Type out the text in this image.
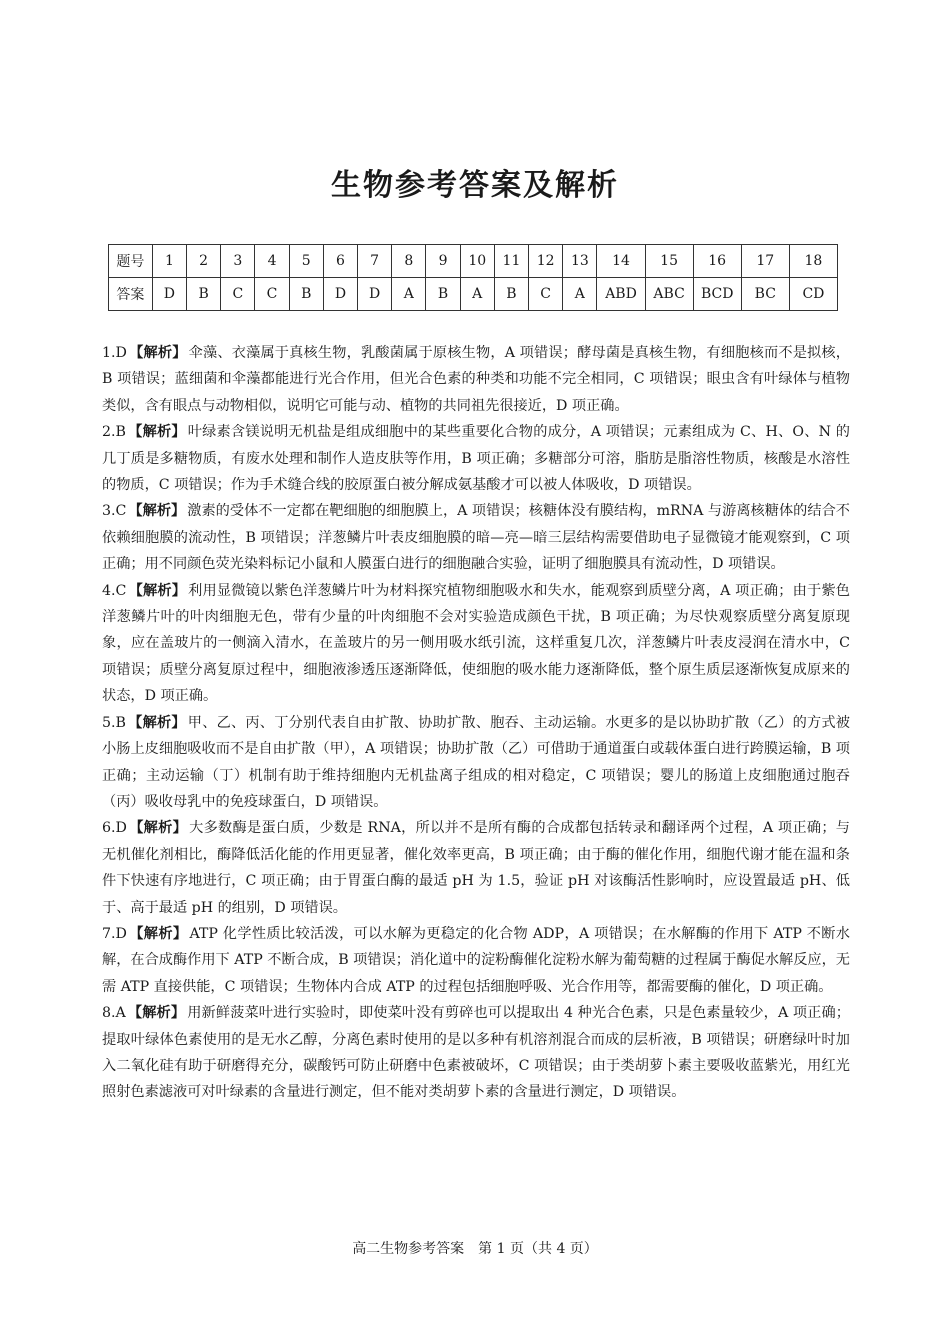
生物参考答案及解析
题号	1	2	3	4	5	6	7	8	9	10	11	12	13	14	15	16	17	18
答案	D	B	C	C	B	D	D	A	B	A	B	C	A	ABD	ABC	BCD	BC	CD

1.D 【解析】 伞藻、衣藻属于真核生物，乳酸菌属于原核生物，A 项错误；酵母菌是真核生物，有细胞核而不是拟核，B 项错误；蓝细菌和伞藻都能进行光合作用，但光合色素的种类和功能不完全相同，C 项错误；眼虫含有叶绿体与植物类似，含有眼点与动物相似，说明它可能与动、植物的共同祖先很接近，D 项正确。

2.B 【解析】 叶绿素含镁说明无机盐是组成细胞中的某些重要化合物的成分，A 项错误；元素组成为 C、H、O、N 的几丁质是多糖物质，有废水处理和制作人造皮肤等作用，B 项正确；多糖部分可溶，脂肪是脂溶性物质，核酸是水溶性的物质，C 项错误；作为手术缝合线的胶原蛋白被分解成氨基酸才可以被人体吸收，D 项错误。

3.C 【解析】 激素的受体不一定都在靶细胞的细胞膜上，A 项错误；核糖体没有膜结构，mRNA 与游离核糖体的结合不依赖细胞膜的流动性，B 项错误；洋葱鳞片叶表皮细胞膜的暗—亮—暗三层结构需要借助电子显微镜才能观察到，C 项正确；用不同颜色荧光染料标记小鼠和人膜蛋白进行的细胞融合实验，证明了细胞膜具有流动性，D 项错误。

4.C 【解析】 利用显微镜以紫色洋葱鳞片叶为材料探究植物细胞吸水和失水，能观察到质壁分离，A 项正确；由于紫色洋葱鳞片叶的叶肉细胞无色，带有少量的叶肉细胞不会对实验造成颜色干扰，B 项正确；为尽快观察质壁分离复原现象，应在盖玻片的一侧滴入清水，在盖玻片的另一侧用吸水纸引流，这样重复几次，洋葱鳞片叶表皮浸润在清水中，C 项错误；质壁分离复原过程中，细胞液渗透压逐渐降低，使细胞的吸水能力逐渐降低，整个原生质层逐渐恢复成原来的状态，D 项正确。

5.B 【解析】 甲、乙、丙、丁分别代表自由扩散、协助扩散、胞吞、主动运输。水更多的是以协助扩散（乙）的方式被小肠上皮细胞吸收而不是自由扩散（甲），A 项错误；协助扩散（乙）可借助于通道蛋白或载体蛋白进行跨膜运输，B 项正确；主动运输（丁）机制有助于维持细胞内无机盐离子组成的相对稳定，C 项错误；婴儿的肠道上皮细胞通过胞吞（丙）吸收母乳中的免疫球蛋白，D 项错误。

6.D 【解析】 大多数酶是蛋白质，少数是 RNA，所以并不是所有酶的合成都包括转录和翻译两个过程，A 项正确；与无机催化剂相比，酶降低活化能的作用更显著，催化效率更高，B 项正确；由于酶的催化作用，细胞代谢才能在温和条件下快速有序地进行，C 项正确；由于胃蛋白酶的最适 pH 为 1.5，验证 pH 对该酶活性影响时，应设置最适 pH、低于、高于最适 pH 的组别，D 项错误。

7.D 【解析】 ATP 化学性质比较活泼，可以水解为更稳定的化合物 ADP，A 项错误；在水解酶的作用下 ATP 不断水解，在合成酶作用下 ATP 不断合成，B 项错误；消化道中的淀粉酶催化淀粉水解为葡萄糖的过程属于酶促水解反应，无需 ATP 直接供能，C 项错误；生物体内合成 ATP 的过程包括细胞呼吸、光合作用等，都需要酶的催化，D 项正确。

8.A 【解析】 用新鲜菠菜叶进行实验时，即使菜叶没有剪碎也可以提取出 4 种光合色素，只是色素量较少，A 项正确；提取叶绿体色素使用的是无水乙醇，分离色素时使用的是以多种有机溶剂混合而成的层析液，B 项错误；研磨绿叶时加入二氧化硅有助于研磨得充分，碳酸钙可防止研磨中色素被破坏，C 项错误；由于类胡萝卜素主要吸收蓝紫光，用红光照射色素滤液可对叶绿素的含量进行测定，但不能对类胡萝卜素的含量进行测定，D 项错误。

高二生物参考答案　第 1 页（共 4 页）
